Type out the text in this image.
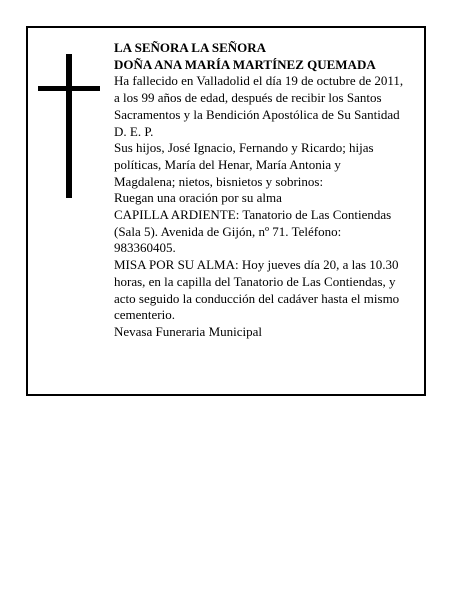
LA SEÑORA LA SEÑORA
DOÑA ANA MARÍA MARTÍNEZ QUEMADA
Ha fallecido en Valladolid el día 19 de octubre de 2011,
a los 99 años de edad, después de recibir los Santos
Sacramentos y la Bendición Apostólica de Su Santidad
D. E. P.
Sus hijos, José Ignacio, Fernando y Ricardo; hijas
políticas, María del Henar, María Antonia y
Magdalena; nietos, bisnietos y sobrinos:
Ruegan una oración por su alma
CAPILLA ARDIENTE: Tanatorio de Las Contiendas
(Sala 5). Avenida de Gijón, nº 71. Teléfono:
983360405.
MISA POR SU ALMA: Hoy jueves día 20, a las 10.30
horas, en la capilla del Tanatorio de Las Contiendas, y
acto seguido la conducción del cadáver hasta el mismo
cementerio.
Nevasa Funeraria Municipal
